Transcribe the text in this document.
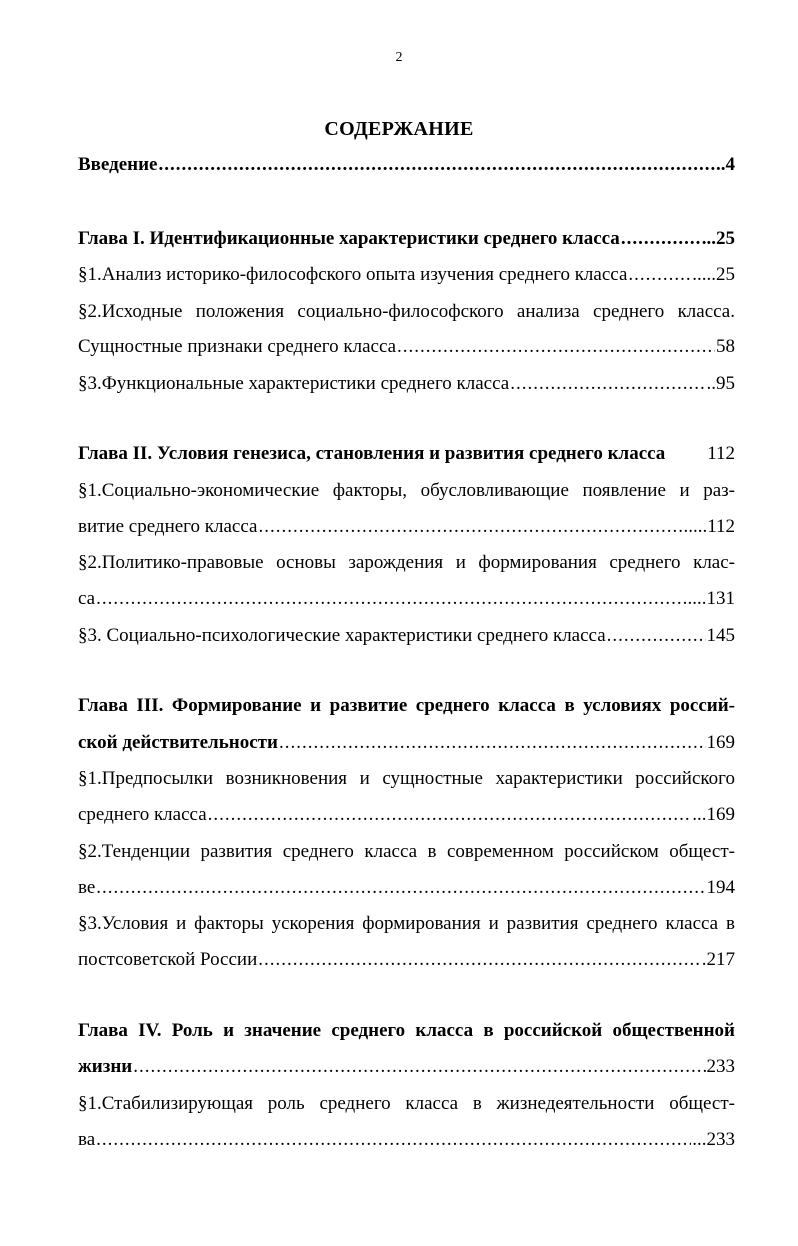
2
СОДЕРЖАНИЕ
Введение .....	..4
Глава I. Идентификационные характеристики среднего класса .....	...25
§1.Анализ историко-философского опыта изучения среднего класса .....	.....25
§2.Исходные положения социально-философского анализа среднего класса.
Сущностные признаки среднего класса .....	58
§3.Функциональные характеристики среднего класса .....	..95
Глава II. Условия генезиса, становления и развития среднего класса 112
§1.Социально-экономические факторы, обусловливающие появление и раз-
витие среднего класса .....	.....112
§2.Политико-правовые основы зарождения и формирования среднего клас-
са .....	....131
§3. Социально-психологические характеристики среднего класса .....	145
Глава III. Формирование и развитие среднего класса в условиях россий-
ской действительности .....	169
§1.Предпосылки возникновения и сущностные характеристики российского
среднего класса .....	...169
§2.Тенденции развития среднего класса в современном российском общест-
ве .....	194
§3.Условия и факторы ускорения формирования и развития среднего класса в
постсоветской России .....	.217
Глава IV. Роль и значение среднего класса в российской общественной
жизни .....	233
§1.Стабилизирующая роль среднего класса в жизнедеятельности общест-
ва .....	...233
